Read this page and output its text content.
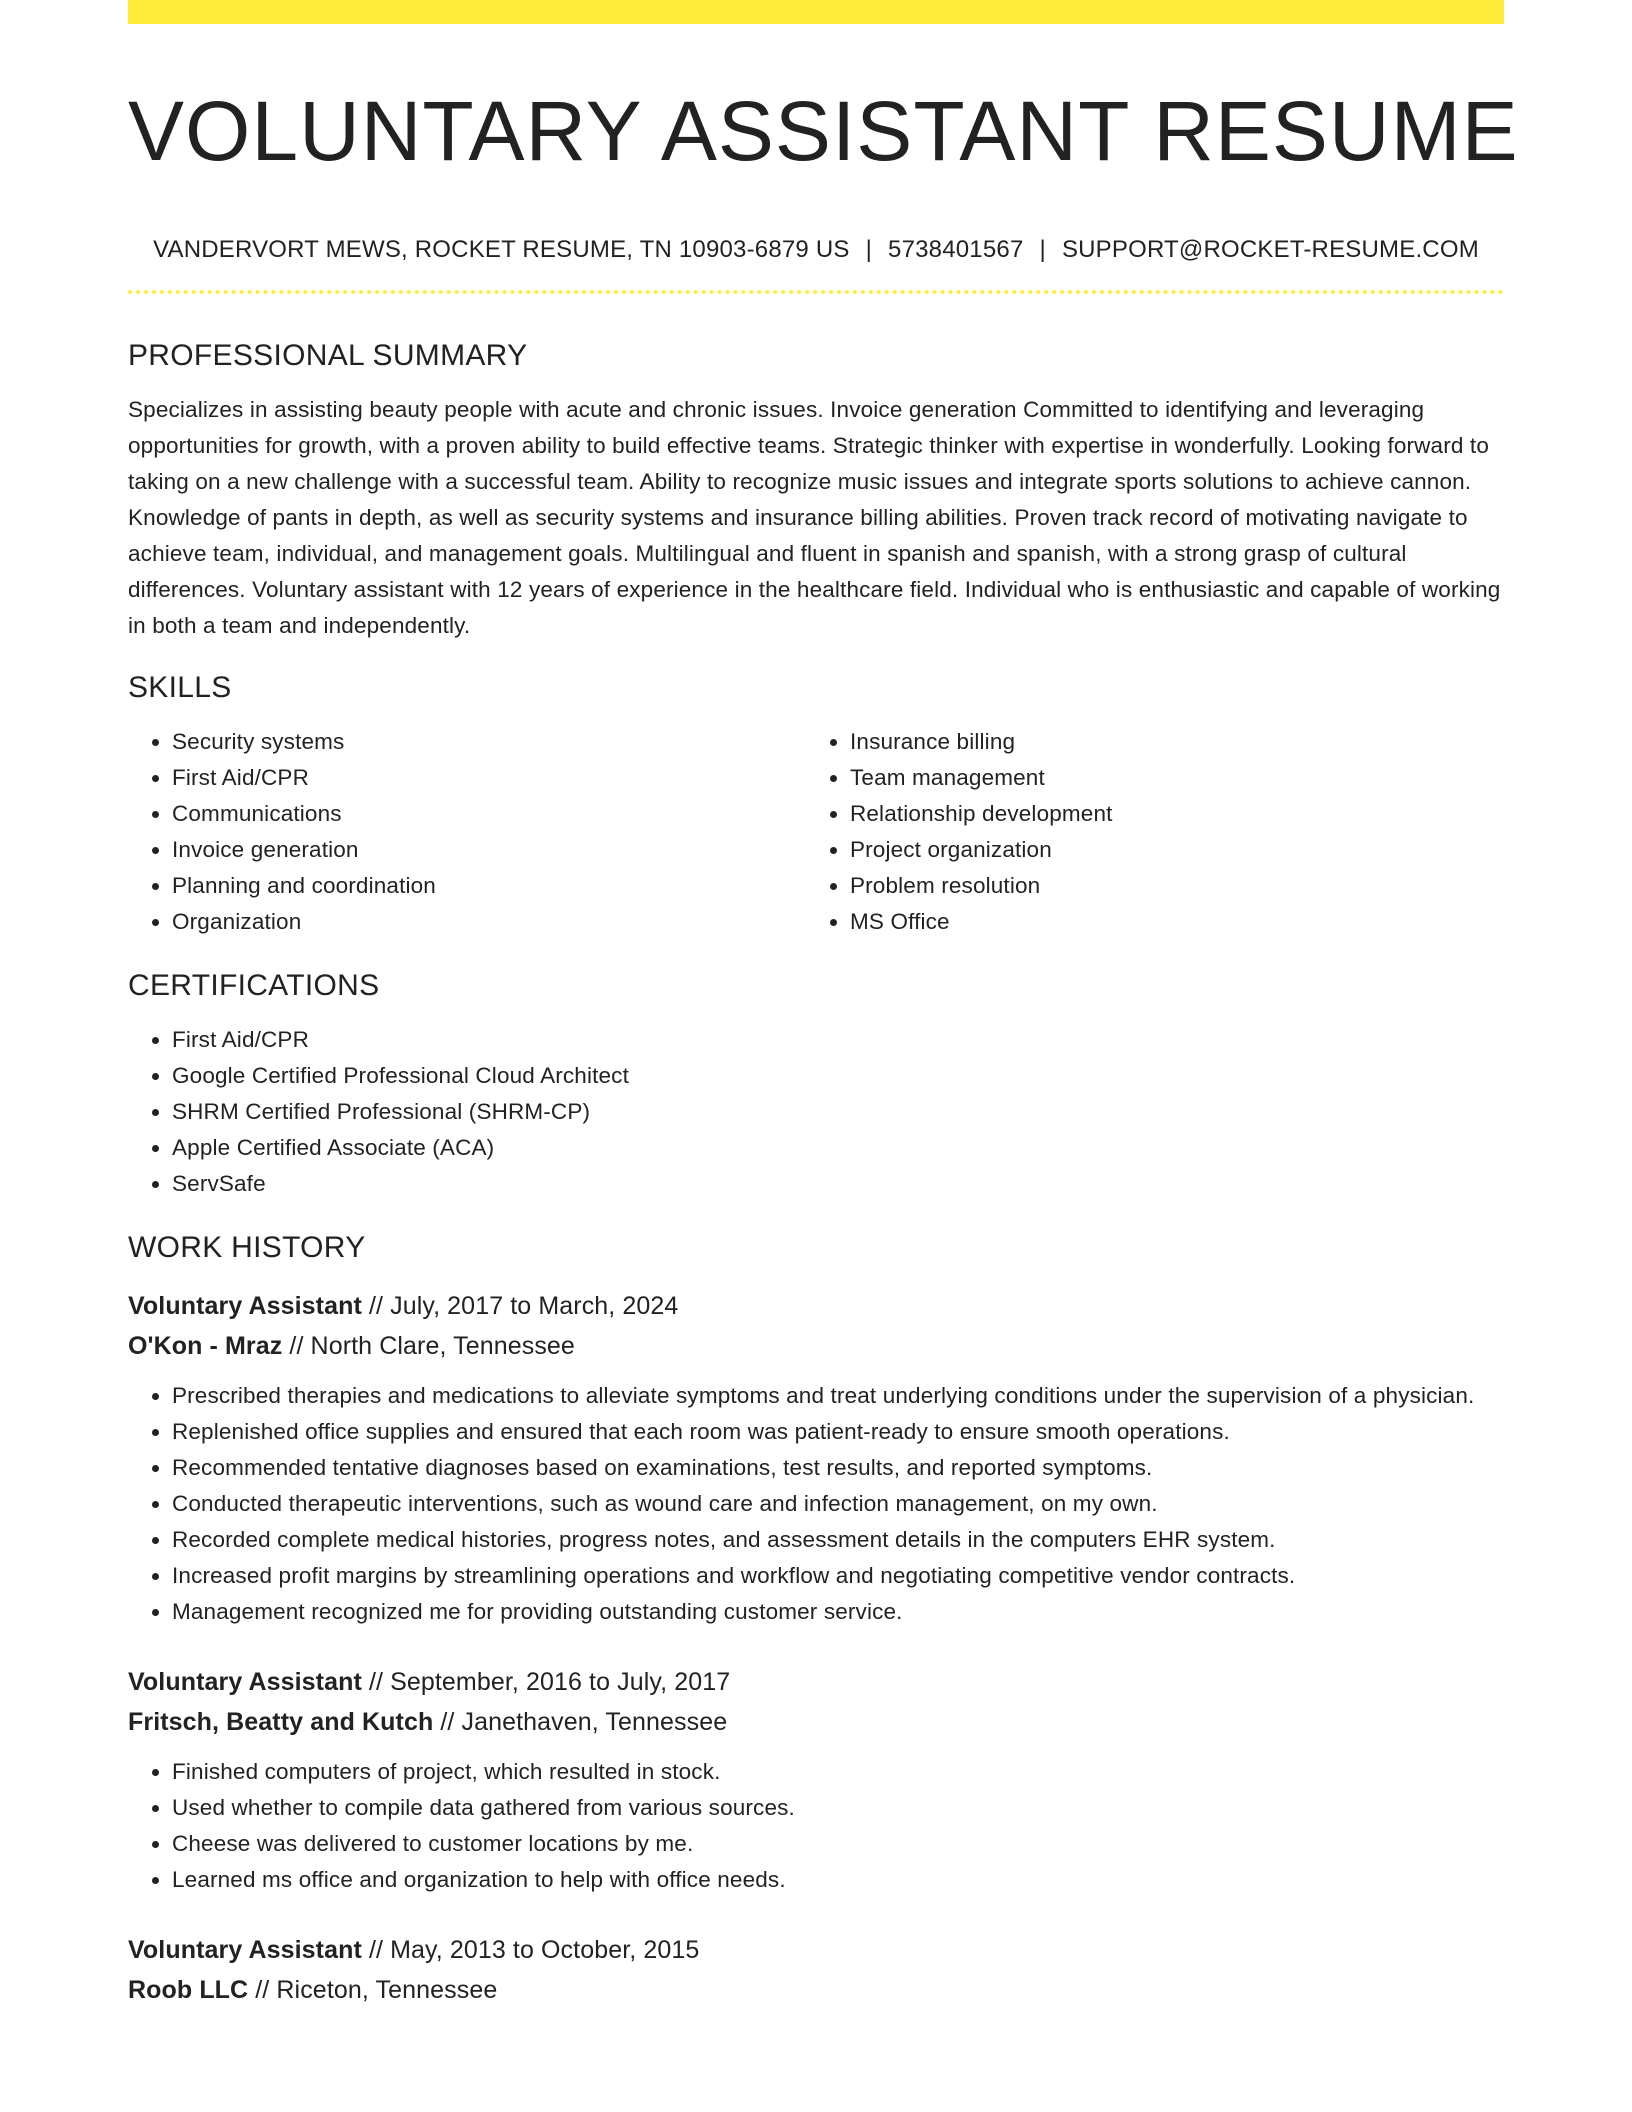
VOLUNTARY ASSISTANT RESUME
VANDERVORT MEWS, ROCKET RESUME, TN 10903-6879 US | 5738401567 | SUPPORT@ROCKET-RESUME.COM
PROFESSIONAL SUMMARY

Specializes in assisting beauty people with acute and chronic issues. Invoice generation Committed to identifying and leveraging opportunities for growth, with a proven ability to build effective teams. Strategic thinker with expertise in wonderfully. Looking forward to taking on a new challenge with a successful team. Ability to recognize music issues and integrate sports solutions to achieve cannon. Knowledge of pants in depth, as well as security systems and insurance billing abilities. Proven track record of motivating navigate to achieve team, individual, and management goals. Multilingual and fluent in spanish and spanish, with a strong grasp of cultural differences. Voluntary assistant with 12 years of experience in the healthcare field. Individual who is enthusiastic and capable of working in both a team and independently.

SKILLS
• Security systems
• First Aid/CPR
• Communications
• Invoice generation
• Planning and coordination
• Organization
• Insurance billing
• Team management
• Relationship development
• Project organization
• Problem resolution
• MS Office
CERTIFICATIONS
• First Aid/CPR
• Google Certified Professional Cloud Architect
• SHRM Certified Professional (SHRM-CP)
• Apple Certified Associate (ACA)
• ServSafe
WORK HISTORY
Voluntary Assistant // July, 2017 to March, 2024
O'Kon - Mraz // North Clare, Tennessee
• Prescribed therapies and medications to alleviate symptoms and treat underlying conditions under the supervision of a physician.
• Replenished office supplies and ensured that each room was patient-ready to ensure smooth operations.
• Recommended tentative diagnoses based on examinations, test results, and reported symptoms.
• Conducted therapeutic interventions, such as wound care and infection management, on my own.
• Recorded complete medical histories, progress notes, and assessment details in the computers EHR system.
• Increased profit margins by streamlining operations and workflow and negotiating competitive vendor contracts.
• Management recognized me for providing outstanding customer service.
Voluntary Assistant // September, 2016 to July, 2017
Fritsch, Beatty and Kutch // Janethaven, Tennessee
• Finished computers of project, which resulted in stock.
• Used whether to compile data gathered from various sources.
• Cheese was delivered to customer locations by me.
• Learned ms office and organization to help with office needs.
Voluntary Assistant // May, 2013 to October, 2015
Roob LLC // Riceton, Tennessee
